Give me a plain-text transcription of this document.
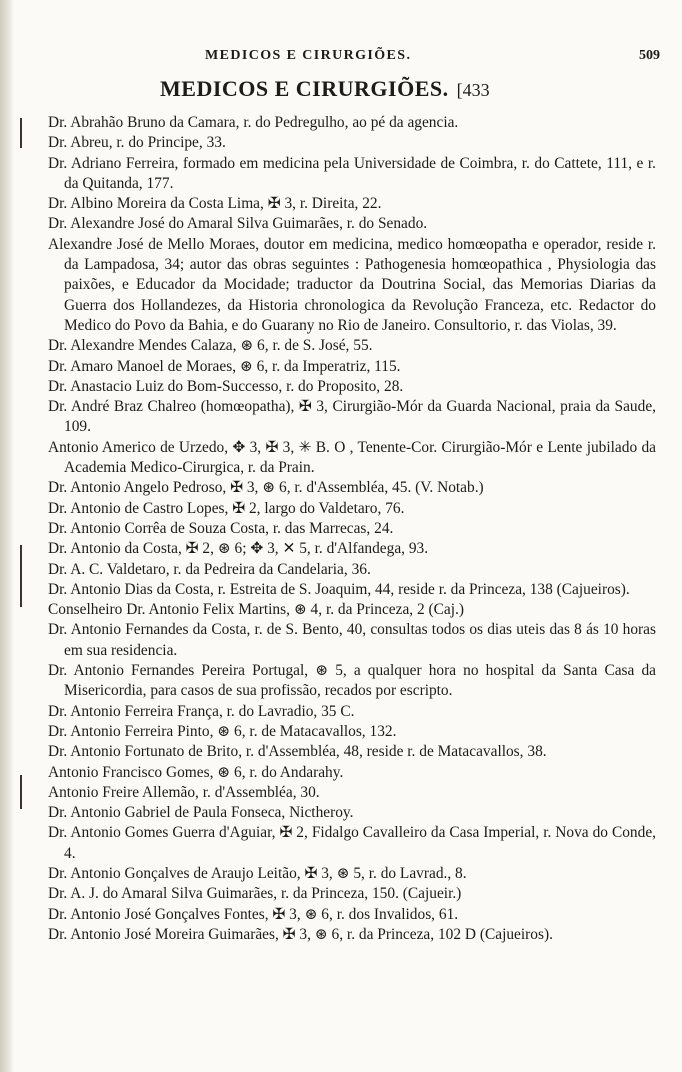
MEDICOS E CIRURGIÕES.	509
MEDICOS E CIRURGIÕES. [433

Dr. Abrahão Bruno da Camara, r. do Pedregulho, ao pé da agencia.

Dr. Abreu, r. do Principe, 33.

Dr. Adriano Ferreira, formado em medicina pela Universidade de Coimbra, r. do Cattete, 111, e r. da Quitanda, 177.

Dr. Albino Moreira da Costa Lima, ✠ 3, r. Direita, 22.

Dr. Alexandre José do Amaral Silva Guimarães, r. do Senado.

Alexandre José de Mello Moraes, doutor em medicina, medico homœopatha e operador, reside r. da Lampadosa, 34; autor das obras seguintes : Pathogenesia homœopathica , Physiologia das paixões, e Educador da Mocidade; traductor da Doutrina Social, das Memorias Diarias da Guerra dos Hollandezes, da Historia chronologica da Revolução Franceza, etc. Redactor do Medico do Povo da Bahia, e do Guarany no Rio de Janeiro. Consultorio, r. das Violas, 39.

Dr. Alexandre Mendes Calaza, ⊛ 6, r. de S. José, 55.

Dr. Amaro Manoel de Moraes, ⊛ 6, r. da Imperatriz, 115.

Dr. Anastacio Luiz do Bom-Successo, r. do Proposito, 28.

Dr. André Braz Chalreo (homœopatha), ✠ 3, Cirurgião-Mór da Guarda Nacional, praia da Saude, 109.

Antonio Americo de Urzedo, ✥ 3, ✠ 3, ✳ B. O , Tenente-Cor. Cirurgião-Mór e Lente jubilado da Academia Medico-Cirurgica, r. da Prain.

Dr. Antonio Angelo Pedroso, ✠ 3, ⊛ 6, r. d'Assembléa, 45. (V. Notab.)

Dr. Antonio de Castro Lopes, ✠ 2, largo do Valdetaro, 76.

Dr. Antonio Corrêa de Souza Costa, r. das Marrecas, 24.

Dr. Antonio da Costa, ✠ 2, ⊛ 6; ✥ 3, ✕ 5, r. d'Alfandega, 93.

Dr. A. C. Valdetaro, r. da Pedreira da Candelaria, 36.

Dr. Antonio Dias da Costa, r. Estreita de S. Joaquim, 44, reside r. da Princeza, 138 (Cajueiros).

Conselheiro Dr. Antonio Felix Martins, ⊛ 4, r. da Princeza, 2 (Caj.)

Dr. Antonio Fernandes da Costa, r. de S. Bento, 40, consultas todos os dias uteis das 8 ás 10 horas em sua residencia.

Dr. Antonio Fernandes Pereira Portugal, ⊛ 5, a qualquer hora no hospital da Santa Casa da Misericordia, para casos de sua profissão, recados por escripto.

Dr. Antonio Ferreira França, r. do Lavradio, 35 C.

Dr. Antonio Ferreira Pinto, ⊛ 6, r. de Matacavallos, 132.

Dr. Antonio Fortunato de Brito, r. d'Assembléa, 48, reside r. de Matacavallos, 38.

Antonio Francisco Gomes, ⊛ 6, r. do Andarahy.

Antonio Freire Allemão, r. d'Assembléa, 30.

Dr. Antonio Gabriel de Paula Fonseca, Nictheroy.

Dr. Antonio Gomes Guerra d'Aguiar, ✠ 2, Fidalgo Cavalleiro da Casa Imperial, r. Nova do Conde, 4.

Dr. Antonio Gonçalves de Araujo Leitão, ✠ 3, ⊛ 5, r. do Lavrad., 8.

Dr. A. J. do Amaral Silva Guimarães, r. da Princeza, 150. (Cajueir.)

Dr. Antonio José Gonçalves Fontes, ✠ 3, ⊛ 6, r. dos Invalidos, 61.

Dr. Antonio José Moreira Guimarães, ✠ 3, ⊛ 6, r. da Princeza, 102 D (Cajueiros).
